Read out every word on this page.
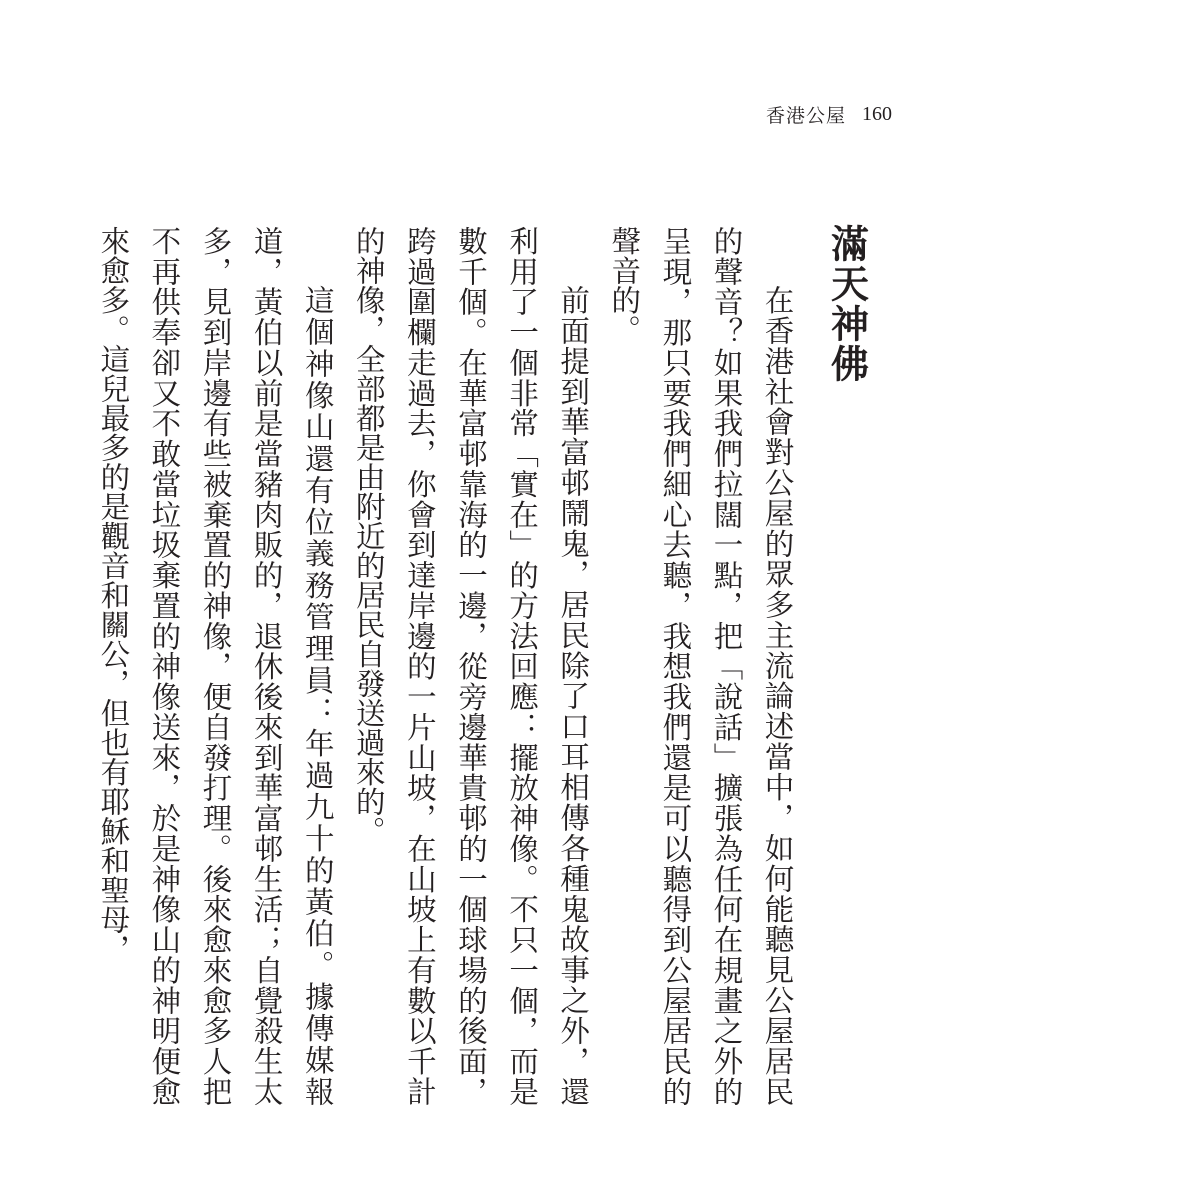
香港公屋 160
滿天神佛

在香港社會對公屋的眾多主流論述當中，如何能聽見公屋居民的聲音？如果我們拉闊一點，把「說話」擴張為任何在規畫之外的呈現，那只要我們細心去聽，我想我們還是可以聽得到公屋居民的聲音的。

前面提到華富邨鬧鬼，居民除了口耳相傳各種鬼故事之外，還利用了一個非常「實在」的方法回應：擺放神像。不只一個，而是數千個。在華富邨靠海的一邊，從旁邊華貴邨的一個球場的後面，跨過圍欄走過去，你會到達岸邊的一片山坡，在山坡上有數以千計的神像，全部都是由附近的居民自發送過來的。

這個神像山還有位義務管理員：年過九十的黃伯。據傳媒報道，黃伯以前是當豬肉販的，退休後來到華富邨生活；自覺殺生太多，見到岸邊有些被棄置的神像，便自發打理。後來愈來愈多人把不再供奉卻又不敢當垃圾棄置的神像送來，於是神像山的神明便愈來愈多。這兒最多的是觀音和關公，但也有耶穌和聖母，
